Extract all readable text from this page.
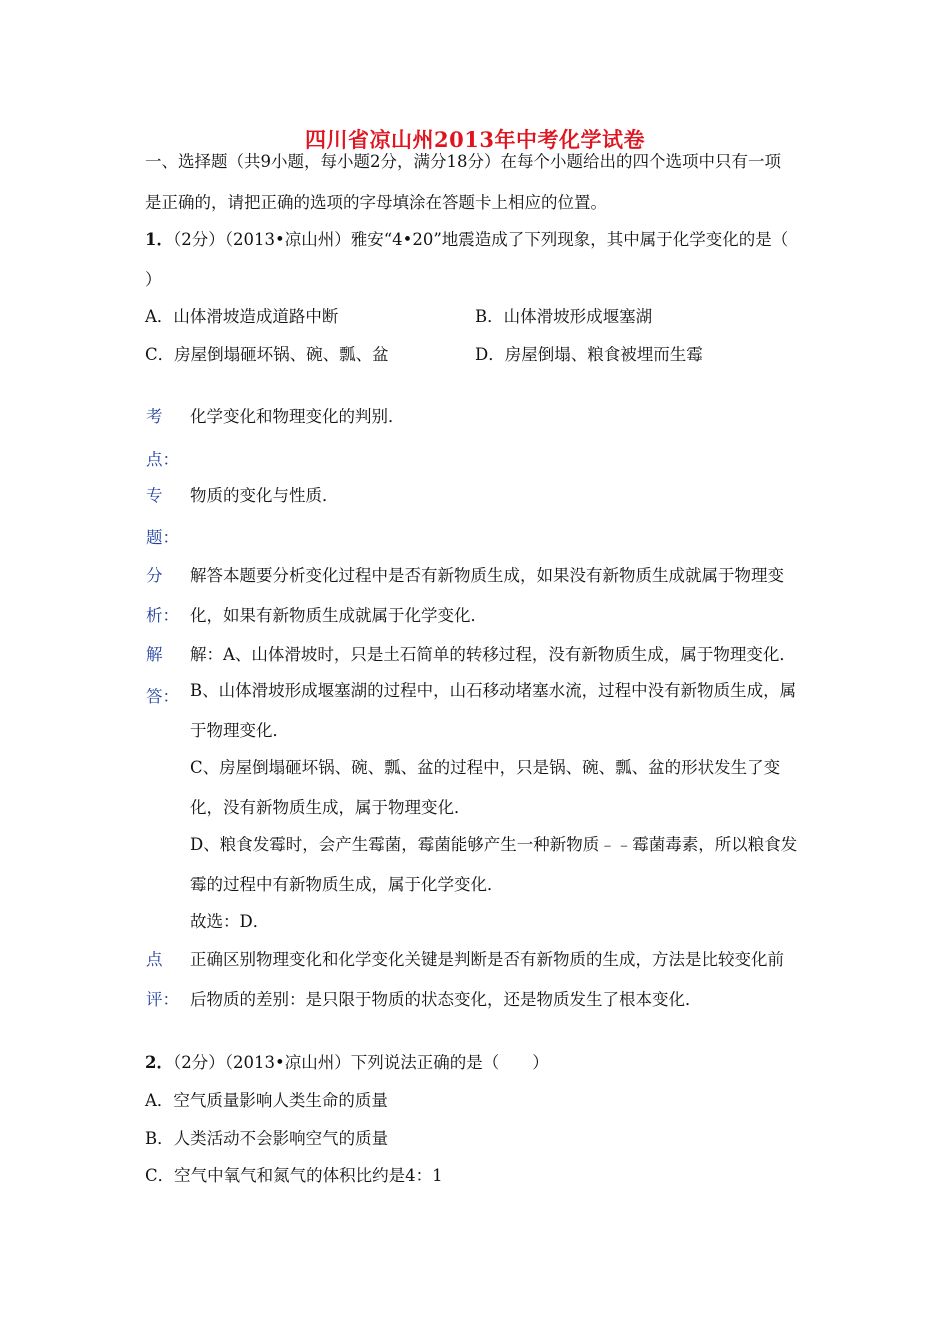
四川省凉山州2013年中考化学试卷
一、选择题（共9小题，每小题2分，满分18分）在每个小题给出的四个选项中只有一项
是正确的，请把正确的选项的字母填涂在答题卡上相应的位置。
1．（2分）（2013•凉山州）雅安“4•20”地震造成了下列现象，其中属于化学变化的是（
）
A．山体滑坡造成道路中断	B．山体滑坡形成堰塞湖
C．房屋倒塌砸坏锅、碗、瓢、盆	D．房屋倒塌、粮食被埋而生霉
考
点：
化学变化和物理变化的判别．
专
题：
物质的变化与性质．
分
析：
解答本题要分析变化过程中是否有新物质生成，如果没有新物质生成就属于物理变
化，如果有新物质生成就属于化学变化．
解
答：
解：A、山体滑坡时，只是土石简单的转移过程，没有新物质生成，属于物理变化．
B、山体滑坡形成堰塞湖的过程中，山石移动堵塞水流，过程中没有新物质生成，属
于物理变化．
C、房屋倒塌砸坏锅、碗、瓢、盆的过程中，只是锅、碗、瓢、盆的形状发生了变
化，没有新物质生成，属于物理变化．
D、粮食发霉时，会产生霉菌，霉菌能够产生一种新物质﹣﹣霉菌毒素，所以粮食发
霉的过程中有新物质生成，属于化学变化．
故选：D．
点
评：
正确区别物理变化和化学变化关键是判断是否有新物质的生成，方法是比较变化前
后物质的差别：是只限于物质的状态变化，还是物质发生了根本变化．
2．（2分）（2013•凉山州）下列说法正确的是（　　）
A．空气质量影响人类生命的质量
B．人类活动不会影响空气的质量
C．空气中氧气和氮气的体积比约是4：1
